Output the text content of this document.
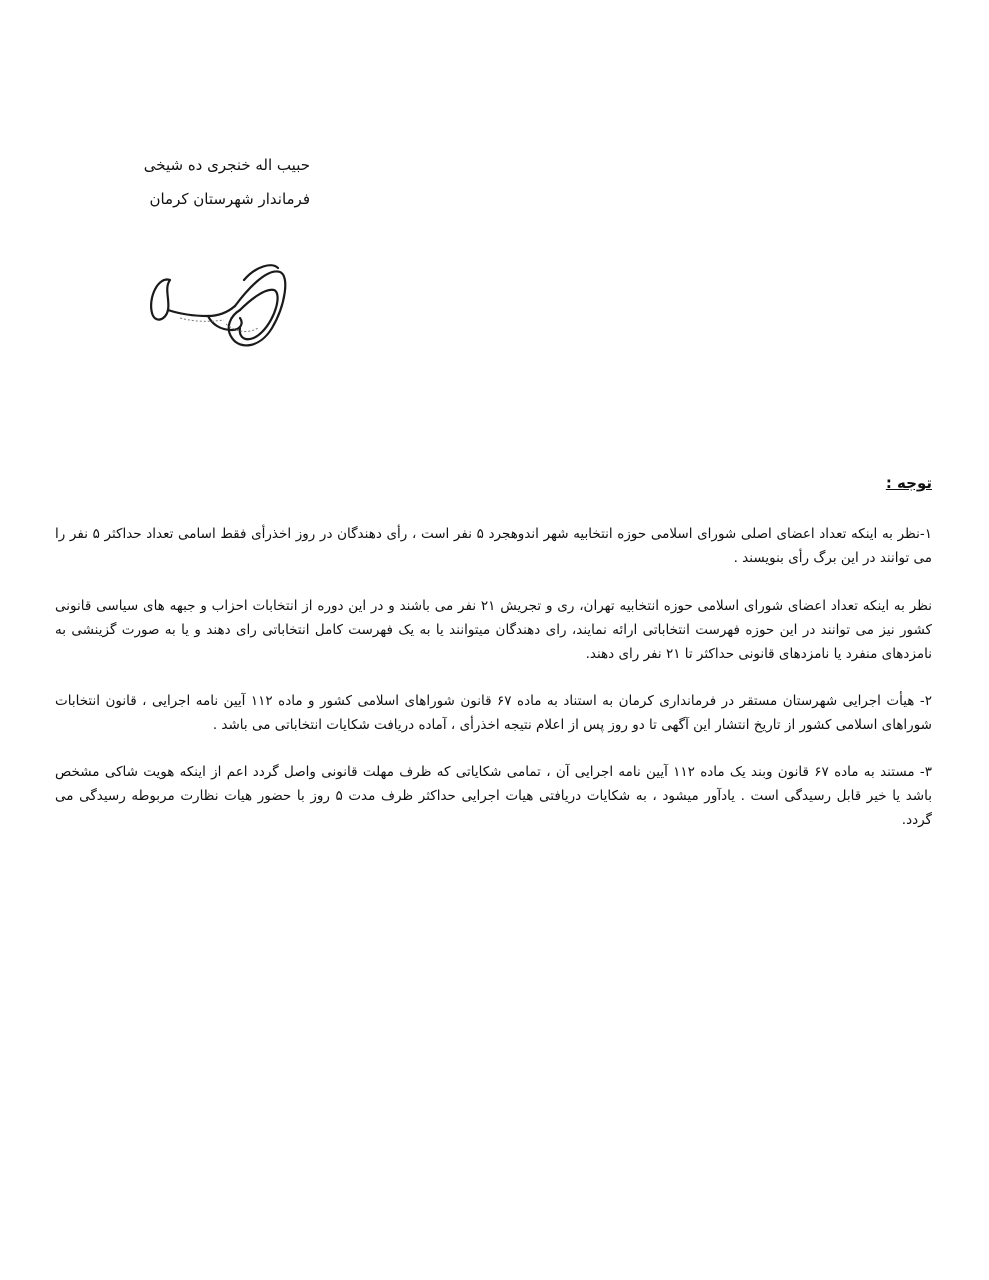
حبیب اله خنجری ده شیخی
فرماندار شهرستان کرمان
توجه :

۱-نظر به اینکه تعداد اعضای اصلی شورای اسلامی حوزه انتخابیه شهر اندوهجرد ۵ نفر است ، رأی دهندگان در روز اخذرأی فقط اسامی تعداد حداکثر ۵ نفر را می توانند در این برگ رأی بنویسند .

نظر به اینکه تعداد اعضای شورای اسلامی حوزه انتخابیه تهران، ری و تجریش ۲۱ نفر می باشند و در این دوره از انتخابات احزاب و جبهه های سیاسی قانونی کشور نیز می توانند در این حوزه فهرست انتخاباتی ارائه نمایند، رای دهندگان میتوانند یا به یک فهرست کامل انتخاباتی رای دهند و یا به صورت گزینشی به نامزدهای منفرد یا نامزدهای قانونی حداکثر تا ۲۱ نفر رای دهند.

۲- هیأت اجرایی شهرستان مستقر در فرمانداری کرمان به استناد به ماده ۶۷ قانون شوراهای اسلامی کشور و ماده ۱۱۲ آیین نامه اجرایی ، قانون انتخابات شوراهای اسلامی کشور از تاریخ انتشار این آگهی تا دو روز پس از اعلام نتیجه اخذرأی ، آماده دریافت شکایات انتخاباتی می باشد .

۳- مستند به ماده ۶۷ قانون وبند یک ماده ۱۱۲ آیین نامه اجرایی آن ، تمامی شکایاتی که ظرف مهلت قانونی واصل گردد اعم از اینکه هویت شاکی مشخص باشد یا خیر قابل رسیدگی است . یادآور میشود ، به شکایات دریافتی هیات اجرایی حداکثر ظرف مدت ۵ روز با حضور هیات نظارت مربوطه رسیدگی می گردد.
